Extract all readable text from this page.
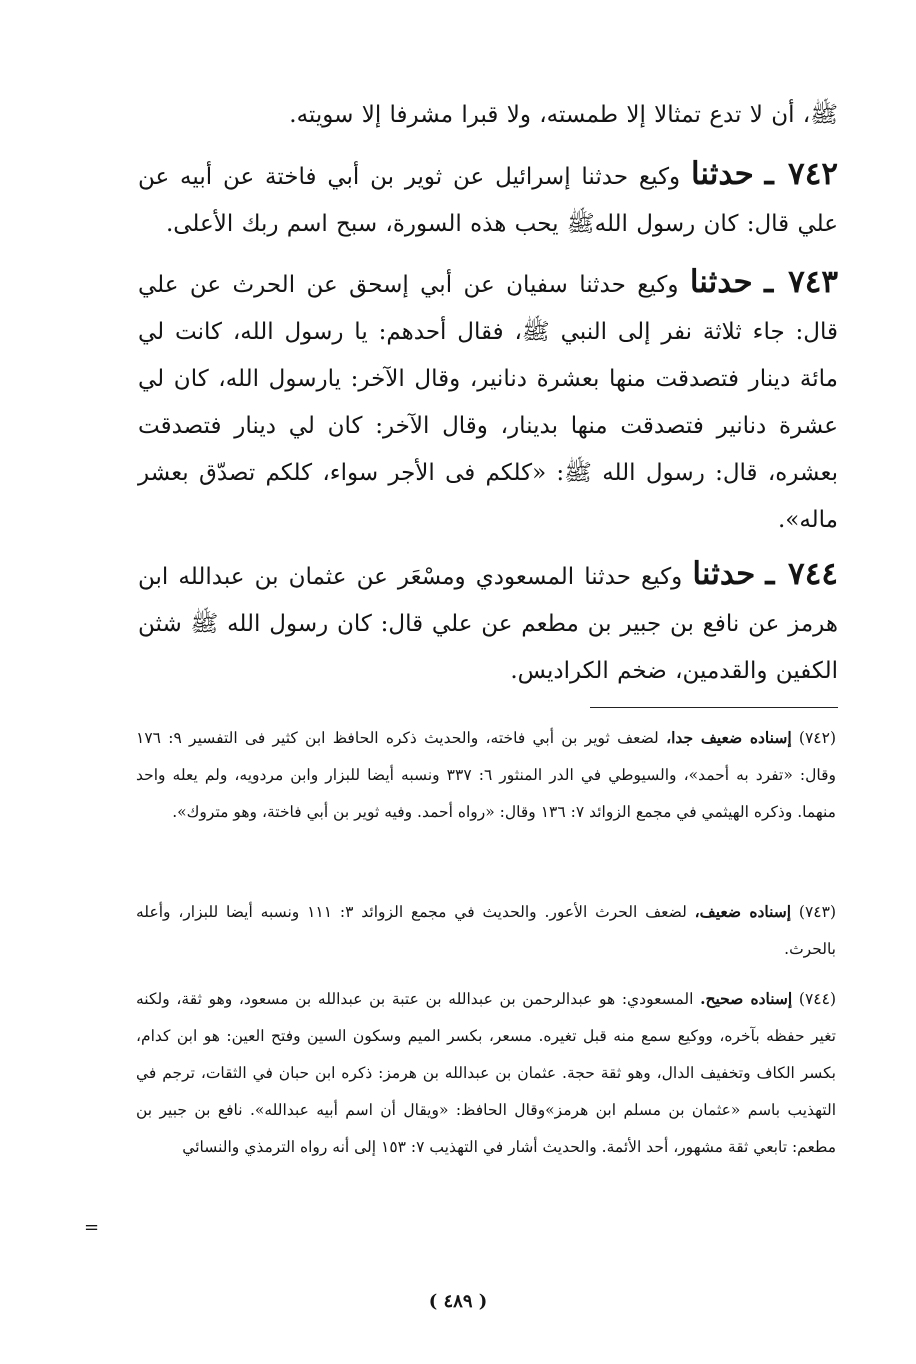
ﷺ، أن لا تدع تمثالا إلا طمسته، ولا قبرا مشرفا إلا سويته.

٧٤٢ ـ حدثنا وكيع حدثنا إسرائيل عن ثوير بن أبي فاختة عن أبيه عن علي قال: كان رسول اللهﷺ يحب هذه السورة، سبح اسم ربك الأعلى.

٧٤٣ ـ حدثنا وكيع حدثنا سفيان عن أبي إسحق عن الحرث عن علي قال: جاء ثلاثة نفر إلى النبي ﷺ، فقال أحدهم: يا رسول الله، كانت لي مائة دينار فتصدقت منها بعشرة دنانير، وقال الآخر: يارسول الله، كان لي عشرة دنانير فتصدقت منها بدينار، وقال الآخر: كان لي دينار فتصدقت بعشره، قال: رسول الله ﷺ: «كلكم فى الأجر سواء، كلكم تصدّق بعشر ماله».

٧٤٤ ـ حدثنا وكيع حدثنا المسعودي ومسْعَر عن عثمان بن عبدالله ابن هرمز عن نافع بن جبير بن مطعم عن علي قال: كان رسول الله ﷺ شثن الكفين والقدمين، ضخم الكراديس.

(٧٤٢) إسناده ضعيف جدا، لضعف ثوير بن أبي فاخته، والحديث ذكره الحافظ ابن كثير فى التفسير ٩: ١٧٦ وقال: «تفرد به أحمد»، والسيوطي في الدر المنثور ٦: ٣٣٧ ونسبه أيضا للبزار وابن مردويه، ولم يعله واحد منهما. وذكره الهيثمي في مجمع الزوائد ٧: ١٣٦ وقال: «رواه أحمد. وفيه ثوير بن أبي فاختة، وهو متروك».

(٧٤٣) إسناده ضعيف، لضعف الحرث الأعور. والحديث في مجمع الزوائد ٣: ١١١ ونسبه أيضا للبزار، وأعله بالحرث.

(٧٤٤) إسناده صحيح. المسعودي: هو عبدالرحمن بن عبدالله بن عتبة بن عبدالله بن مسعود، وهو ثقة، ولكنه تغير حفظه بآخره، ووكيع سمع منه قبل تغيره. مسعر، بكسر الميم وسكون السين وفتح العين: هو ابن كدام، بكسر الكاف وتخفيف الدال، وهو ثقة حجة. عثمان بن عبدالله بن هرمز: ذكره ابن حبان في الثقات، ترجم في التهذيب باسم «عثمان بن مسلم ابن هرمز»وقال الحافظ: «ويقال أن اسم أبيه عبدالله». نافع بن جبير بن مطعم: تابعي ثقة مشهور، أحد الأئمة. والحديث أشار في التهذيب ٧: ١٥٣ إلى أنه رواه الترمذي والنسائي

=
( ٤٨٩ )
